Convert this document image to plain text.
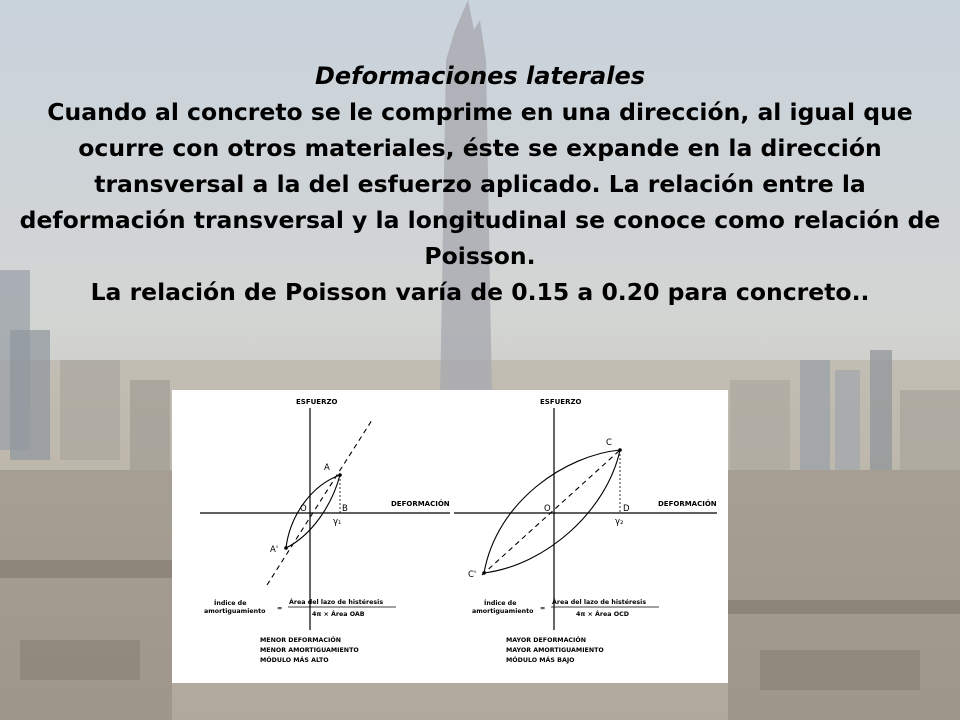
Deformaciones laterales
Cuando al concreto se le comprime en una dirección, al igual que ocurre con otros materiales, éste se expande en la dirección transversal a la del esfuerzo aplicado. La relación entre la deformación transversal y la longitudinal se conoce como relación de Poisson.
La relación de Poisson varía de 0.15 a 0.20 para concreto..
ESFUERZO
DEFORMACIÓN
A
A'
O	B
γ₁
Índice de
amortiguamiento =
Área del lazo de histéresis
4π × Área OAB
MENOR DEFORMACIÓN
MENOR AMORTIGUAMIENTO
MÓDULO MÁS ALTO
ESFUERZO
DEFORMACIÓN
C
C'
O	D
γ₂
Índice de
amortiguamiento =
Área del lazo de histéresis
4π × Área OCD
MAYOR DEFORMACIÓN
MAYOR AMORTIGUAMIENTO
MÓDULO MÁS BAJO
